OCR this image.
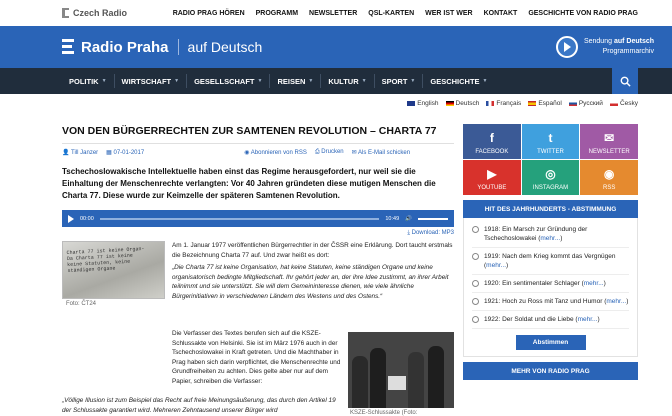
Czech Radio	RADIO PRAG HÖREN PROGRAMM NEWSLETTER QSL-KARTEN WER IST WER KONTAKT GESCHICHTE VON RADIO PRAG
Radio Praha auf Deutsch	Sendung auf Deutsch
Programmarchiv
POLITIK ▼ WIRTSCHAFT ▼ GESELLSCHAFT ▼ REISEN ▼ KULTUR ▼ SPORT ▼ GESCHICHTE ▼
English	Deutsch	Français	Español	Русский	Česky
VON DEN BÜRGERRECHTEN ZUR SAMTENEN REVOLUTION – CHARTA 77
👤 Till Janzer ▦ 07-01-2017	◉ Abonnieren von RSS ⎙ Drucken ✉ Als E-Mail schicken

Tschechoslowakische Intellektuelle haben einst das Regime herausgefordert, nur weil sie die Einhaltung der Menschenrechte verlangten: Vor 40 Jahren gründeten diese mutigen Menschen die Charta 77. Diese wurde zur Keimzelle der späteren Samtenen Revolution.

00:00	10:49 🔊
⤓ Download: MP3
Charta 77 ist keine Organ-
Da Charta 77 ist keine
keine Statuten, keine
ständigen Organe
Foto: ČT24

Am 1. Januar 1977 veröffentlichen Bürgerrechtler in der ČSSR eine Erklärung. Dort taucht erstmals die Bezeichnung Charta 77 auf. Und zwar heißt es dort:

„Die Charta 77 ist keine Organisation, hat keine Statuten, keine ständigen Organe und keine organisatorisch bedingte Mitgliedschaft. Ihr gehört jeder an, der ihre Idee zustimmt, an ihrer Arbeit teilnimmt und sie unterstützt. Sie will dem Gemeininteresse dienen, wie viele ähnliche Bürgerinitiativen in verschiedenen Ländern des Westens und des Ostens.“

Die Verfasser des Textes berufen sich auf die KSZE-Schlussakte von Helsinki. Sie ist im März 1976 auch in der Tschechoslowakei in Kraft getreten. Und die Machthaber in Prag haben sich darin verpflichtet, die Menschenrechte und Grundfreiheiten zu achten. Dies gelte aber nur auf dem Papier, schreiben die Verfasser:

KSZE-Schlussakte (Foto:

„Völlige Illusion ist zum Beispiel das Recht auf freie Meinungsäußerung, das durch den Artikel 19 der Schlussakte garantiert wird. Mehreren Zehntausend unserer Bürger wird

f
FACEBOOK
t
TWITTER
✉
NEWSLETTER
▶
YOUTUBE
◎
INSTAGRAM
◉
RSS
HIT DES JAHRHUNDERTS - ABSTIMMUNG
1918: Ein Marsch zur Gründung der Tschechoslowakei (mehr...)
1919: Nach dem Krieg kommt das Vergnügen (mehr...)
1920: Ein sentimentaler Schlager (mehr...)
1921: Hoch zu Ross mit Tanz und Humor (mehr...)
1922: Der Soldat und die Liebe (mehr...)
Abstimmen
MEHR VON RADIO PRAG
